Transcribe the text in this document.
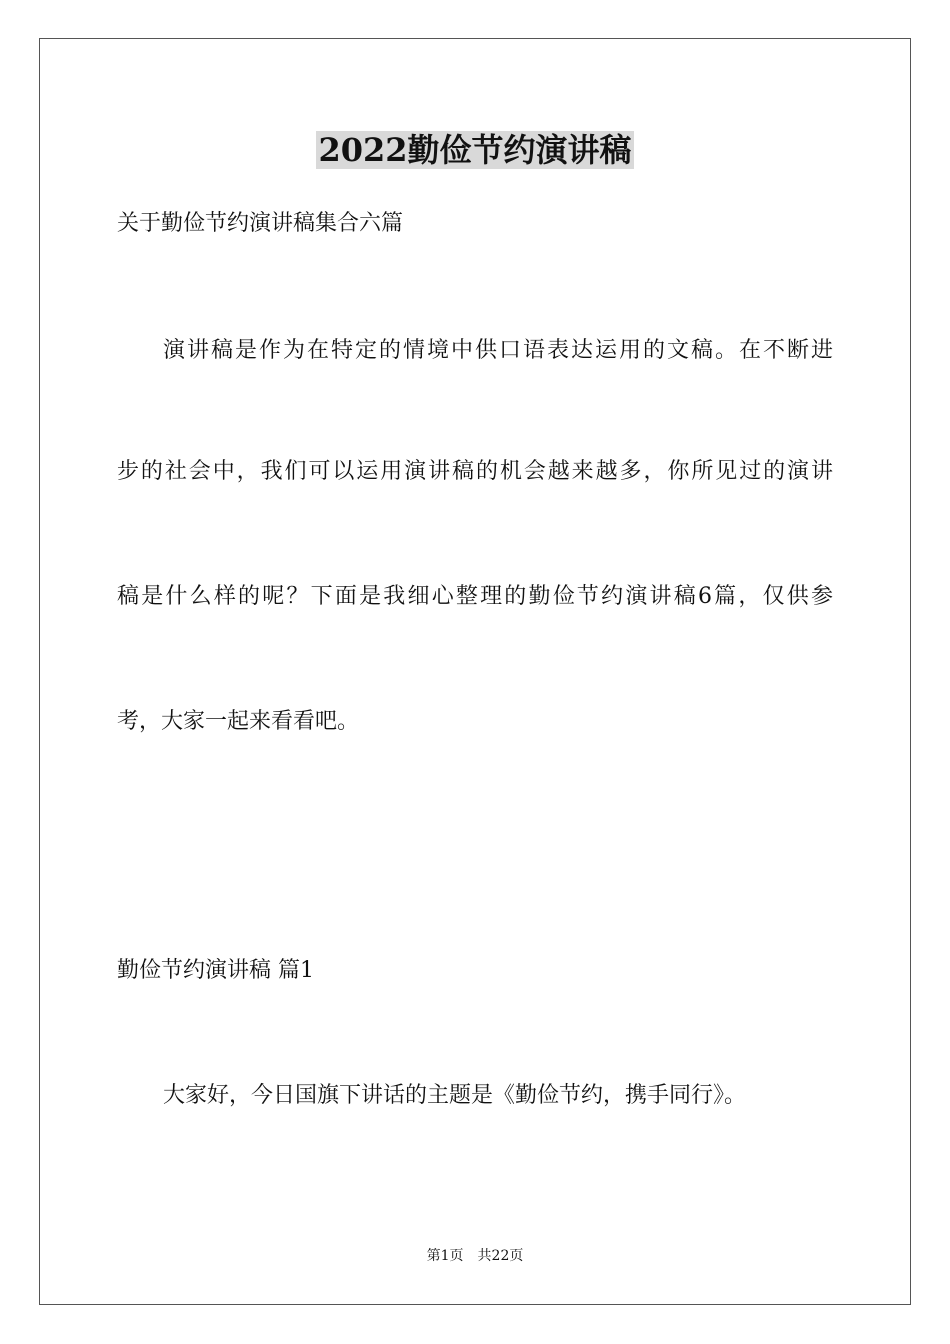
2022勤俭节约演讲稿

关于勤俭节约演讲稿集合六篇

演讲稿是作为在特定的情境中供口语表达运用的文稿。在不断进

步的社会中，我们可以运用演讲稿的机会越来越多，你所见过的演讲

稿是什么样的呢？下面是我细心整理的勤俭节约演讲稿6篇，仅供参

考，大家一起来看看吧。

勤俭节约演讲稿 篇1

大家好，今日国旗下讲话的主题是《勤俭节约，携手同行》。

第1页 共22页
